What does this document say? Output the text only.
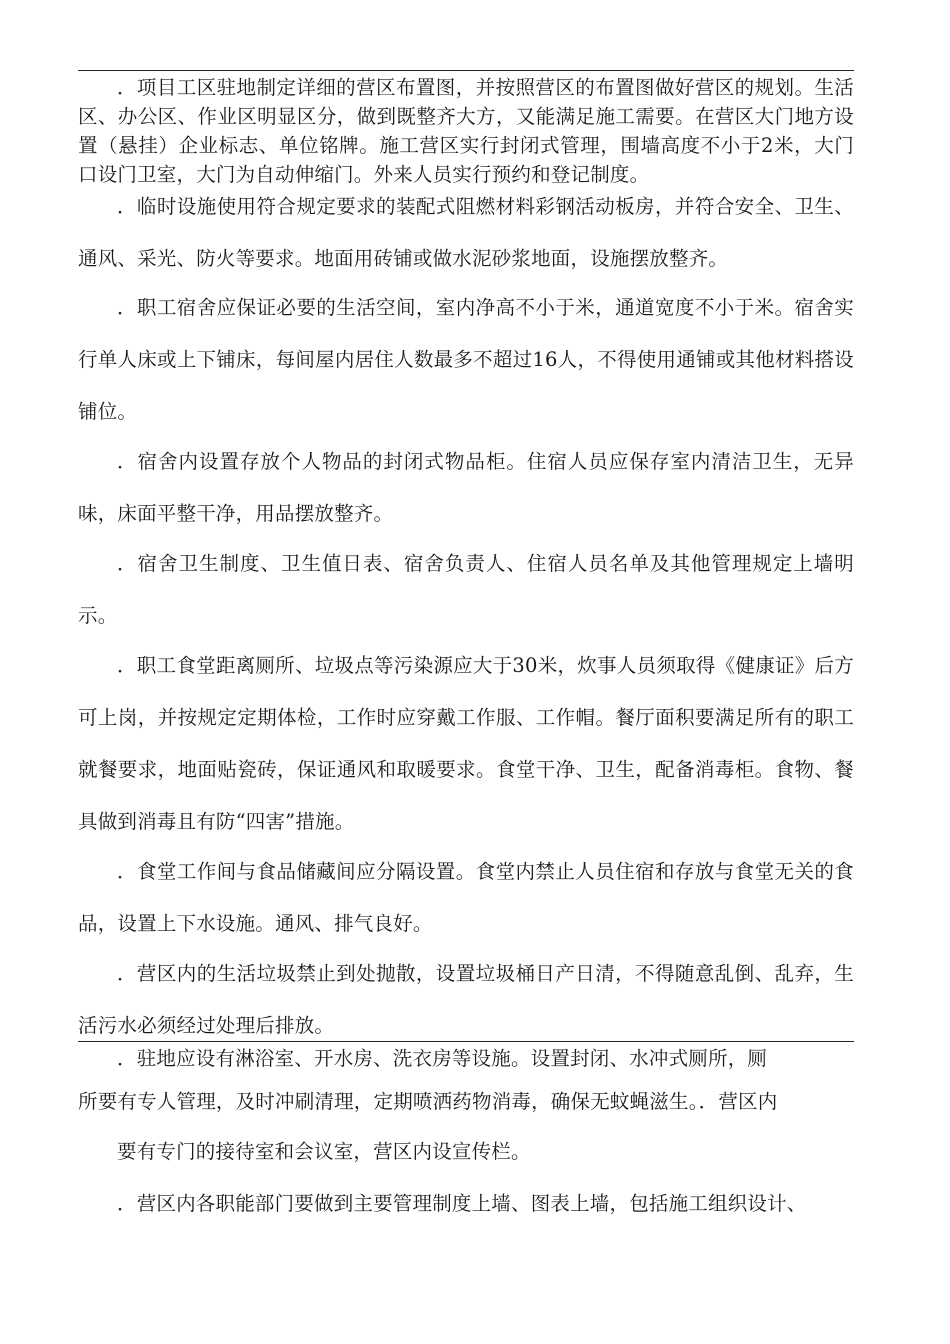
．项目工区驻地制定详细的营区布置图，并按照营区的布置图做好营区的规划。生活区、办公区、作业区明显区分，做到既整齐大方，又能满足施工需要。在营区大门地方设置（悬挂）企业标志、单位铭牌。施工营区实行封闭式管理，围墙高度不小于2米，大门口设门卫室，大门为自动伸缩门。外来人员实行预约和登记制度。

．临时设施使用符合规定要求的装配式阻燃材料彩钢活动板房，并符合安全、卫生、通风、采光、防火等要求。地面用砖铺或做水泥砂浆地面，设施摆放整齐。

．职工宿舍应保证必要的生活空间，室内净高不小于米，通道宽度不小于米。宿舍实行单人床或上下铺床，每间屋内居住人数最多不超过16人，不得使用通铺或其他材料搭设铺位。

．宿舍内设置存放个人物品的封闭式物品柜。住宿人员应保存室内清洁卫生，无异味，床面平整干净，用品摆放整齐。

．宿舍卫生制度、卫生值日表、宿舍负责人、住宿人员名单及其他管理规定上墙明示。

．职工食堂距离厕所、垃圾点等污染源应大于30米，炊事人员须取得《健康证》后方可上岗，并按规定定期体检，工作时应穿戴工作服、工作帽。餐厅面积要满足所有的职工就餐要求，地面贴瓷砖，保证通风和取暖要求。食堂干净、卫生，配备消毒柜。食物、餐具做到消毒且有防“四害”措施。

．食堂工作间与食品储藏间应分隔设置。食堂内禁止人员住宿和存放与食堂无关的食品，设置上下水设施。通风、排气良好。

．营区内的生活垃圾禁止到处抛散，设置垃圾桶日产日清，不得随意乱倒、乱弃，生活污水必须经过处理后排放。

．驻地应设有淋浴室、开水房、洗衣房等设施。设置封闭、水冲式厕所，厕

所要有专人管理，及时冲刷清理，定期喷洒药物消毒，确保无蚊蝇滋生。．营区内

要有专门的接待室和会议室，营区内设宣传栏。

．营区内各职能部门要做到主要管理制度上墙、图表上墙，包括施工组织设计、
